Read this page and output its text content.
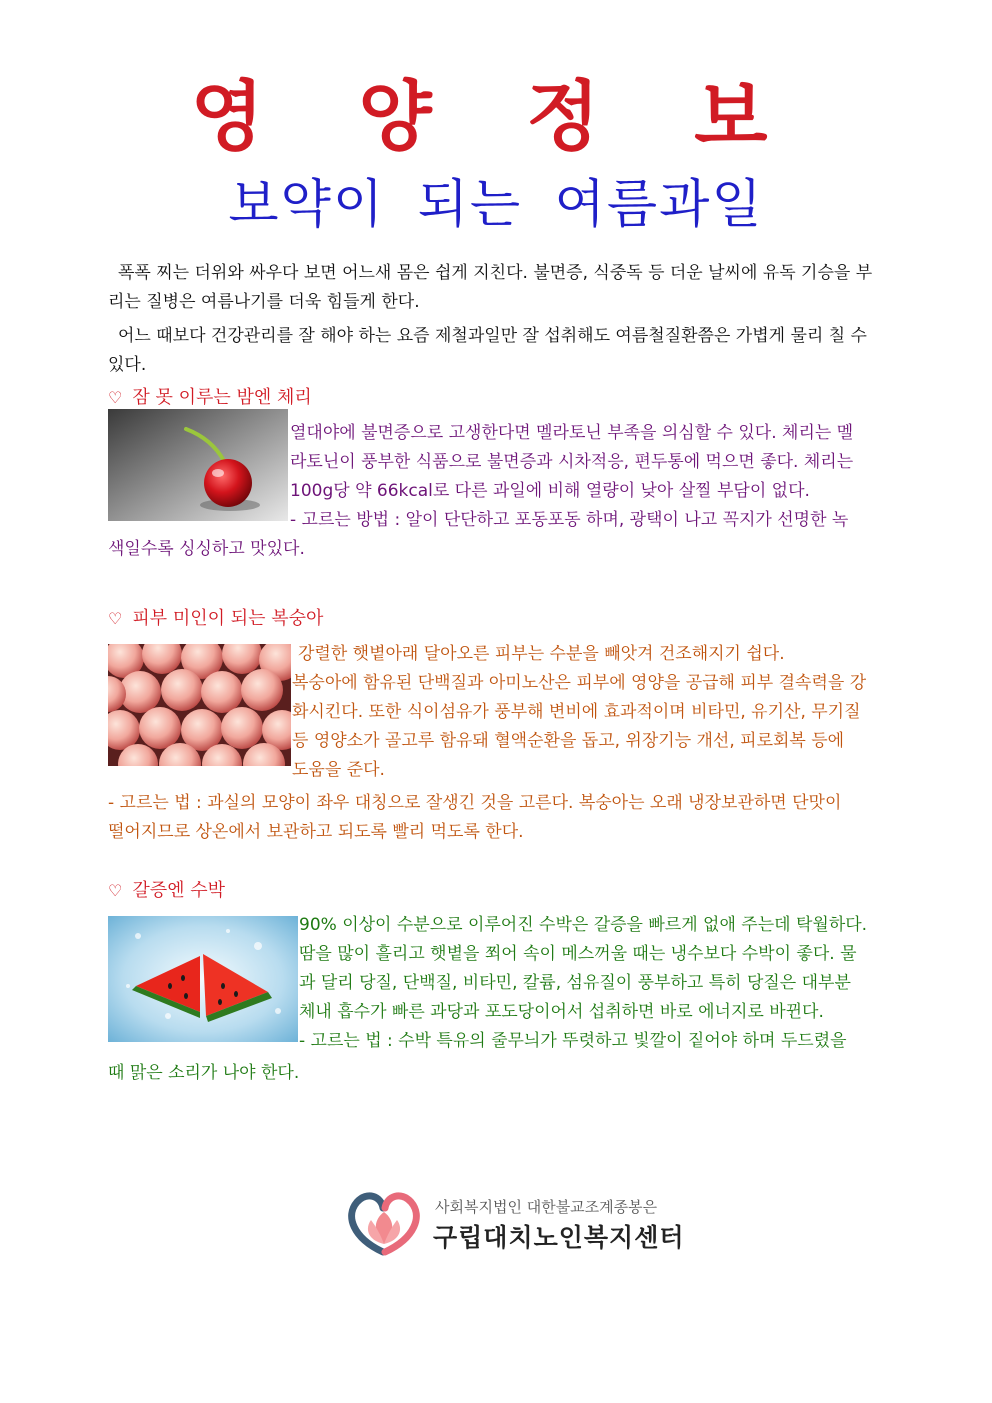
영 양 정 보
보약이 되는 여름과일

폭폭 찌는 더위와 싸우다 보면 어느새 몸은 쉽게 지친다. 불면증, 식중독 등 더운 날씨에 유독 기승을 부리는 질병은 여름나기를 더욱 힘들게 한다.

어느 때보다 건강관리를 잘 해야 하는 요즘 제철과일만 잘 섭취해도 여름철질환쯤은 가볍게 물리 칠 수 있다.

♡ 잠 못 이루는 밤엔 체리
열대야에 불면증으로 고생한다면 멜라토닌 부족을 의심할 수 있다. 체리는 멜
라토닌이 풍부한 식품으로 불면증과 시차적응, 편두통에 먹으면 좋다. 체리는
100g당 약 66kcal로 다른 과일에 비해 열량이 낮아 살찔 부담이 없다.
- 고르는 방법 : 알이 단단하고 포동포동 하며, 광택이 나고 꼭지가 선명한 녹
색일수록 싱싱하고 맛있다.
♡ 피부 미인이 되는 복숭아
강렬한 햇볕아래 달아오른 피부는 수분을 빼앗겨 건조해지기 쉽다.
복숭아에 함유된 단백질과 아미노산은 피부에 영양을 공급해 피부 결속력을 강
화시킨다. 또한 식이섬유가 풍부해 변비에 효과적이며 비타민, 유기산, 무기질
등 영양소가 골고루 함유돼 혈액순환을 돕고, 위장기능 개선, 피로회복 등에
도움을 준다.
- 고르는 법 : 과실의 모양이 좌우 대칭으로 잘생긴 것을 고른다. 복숭아는 오래 냉장보관하면 단맛이
떨어지므로 상온에서 보관하고 되도록 빨리 먹도록 한다.
♡ 갈증엔 수박
90% 이상이 수분으로 이루어진 수박은 갈증을 빠르게 없애 주는데 탁월하다.
땀을 많이 흘리고 햇볕을 쬐어 속이 메스꺼울 때는 냉수보다 수박이 좋다. 물
과 달리 당질, 단백질, 비타민, 칼륨, 섬유질이 풍부하고 특히 당질은 대부분
체내 흡수가 빠른 과당과 포도당이어서 섭취하면 바로 에너지로 바뀐다.
- 고르는 법 : 수박 특유의 줄무늬가 뚜렷하고 빛깔이 짙어야 하며 두드렸을
때 맑은 소리가 나야 한다.
사회복지법인 대한불교조계종봉은
구립대치노인복지센터
